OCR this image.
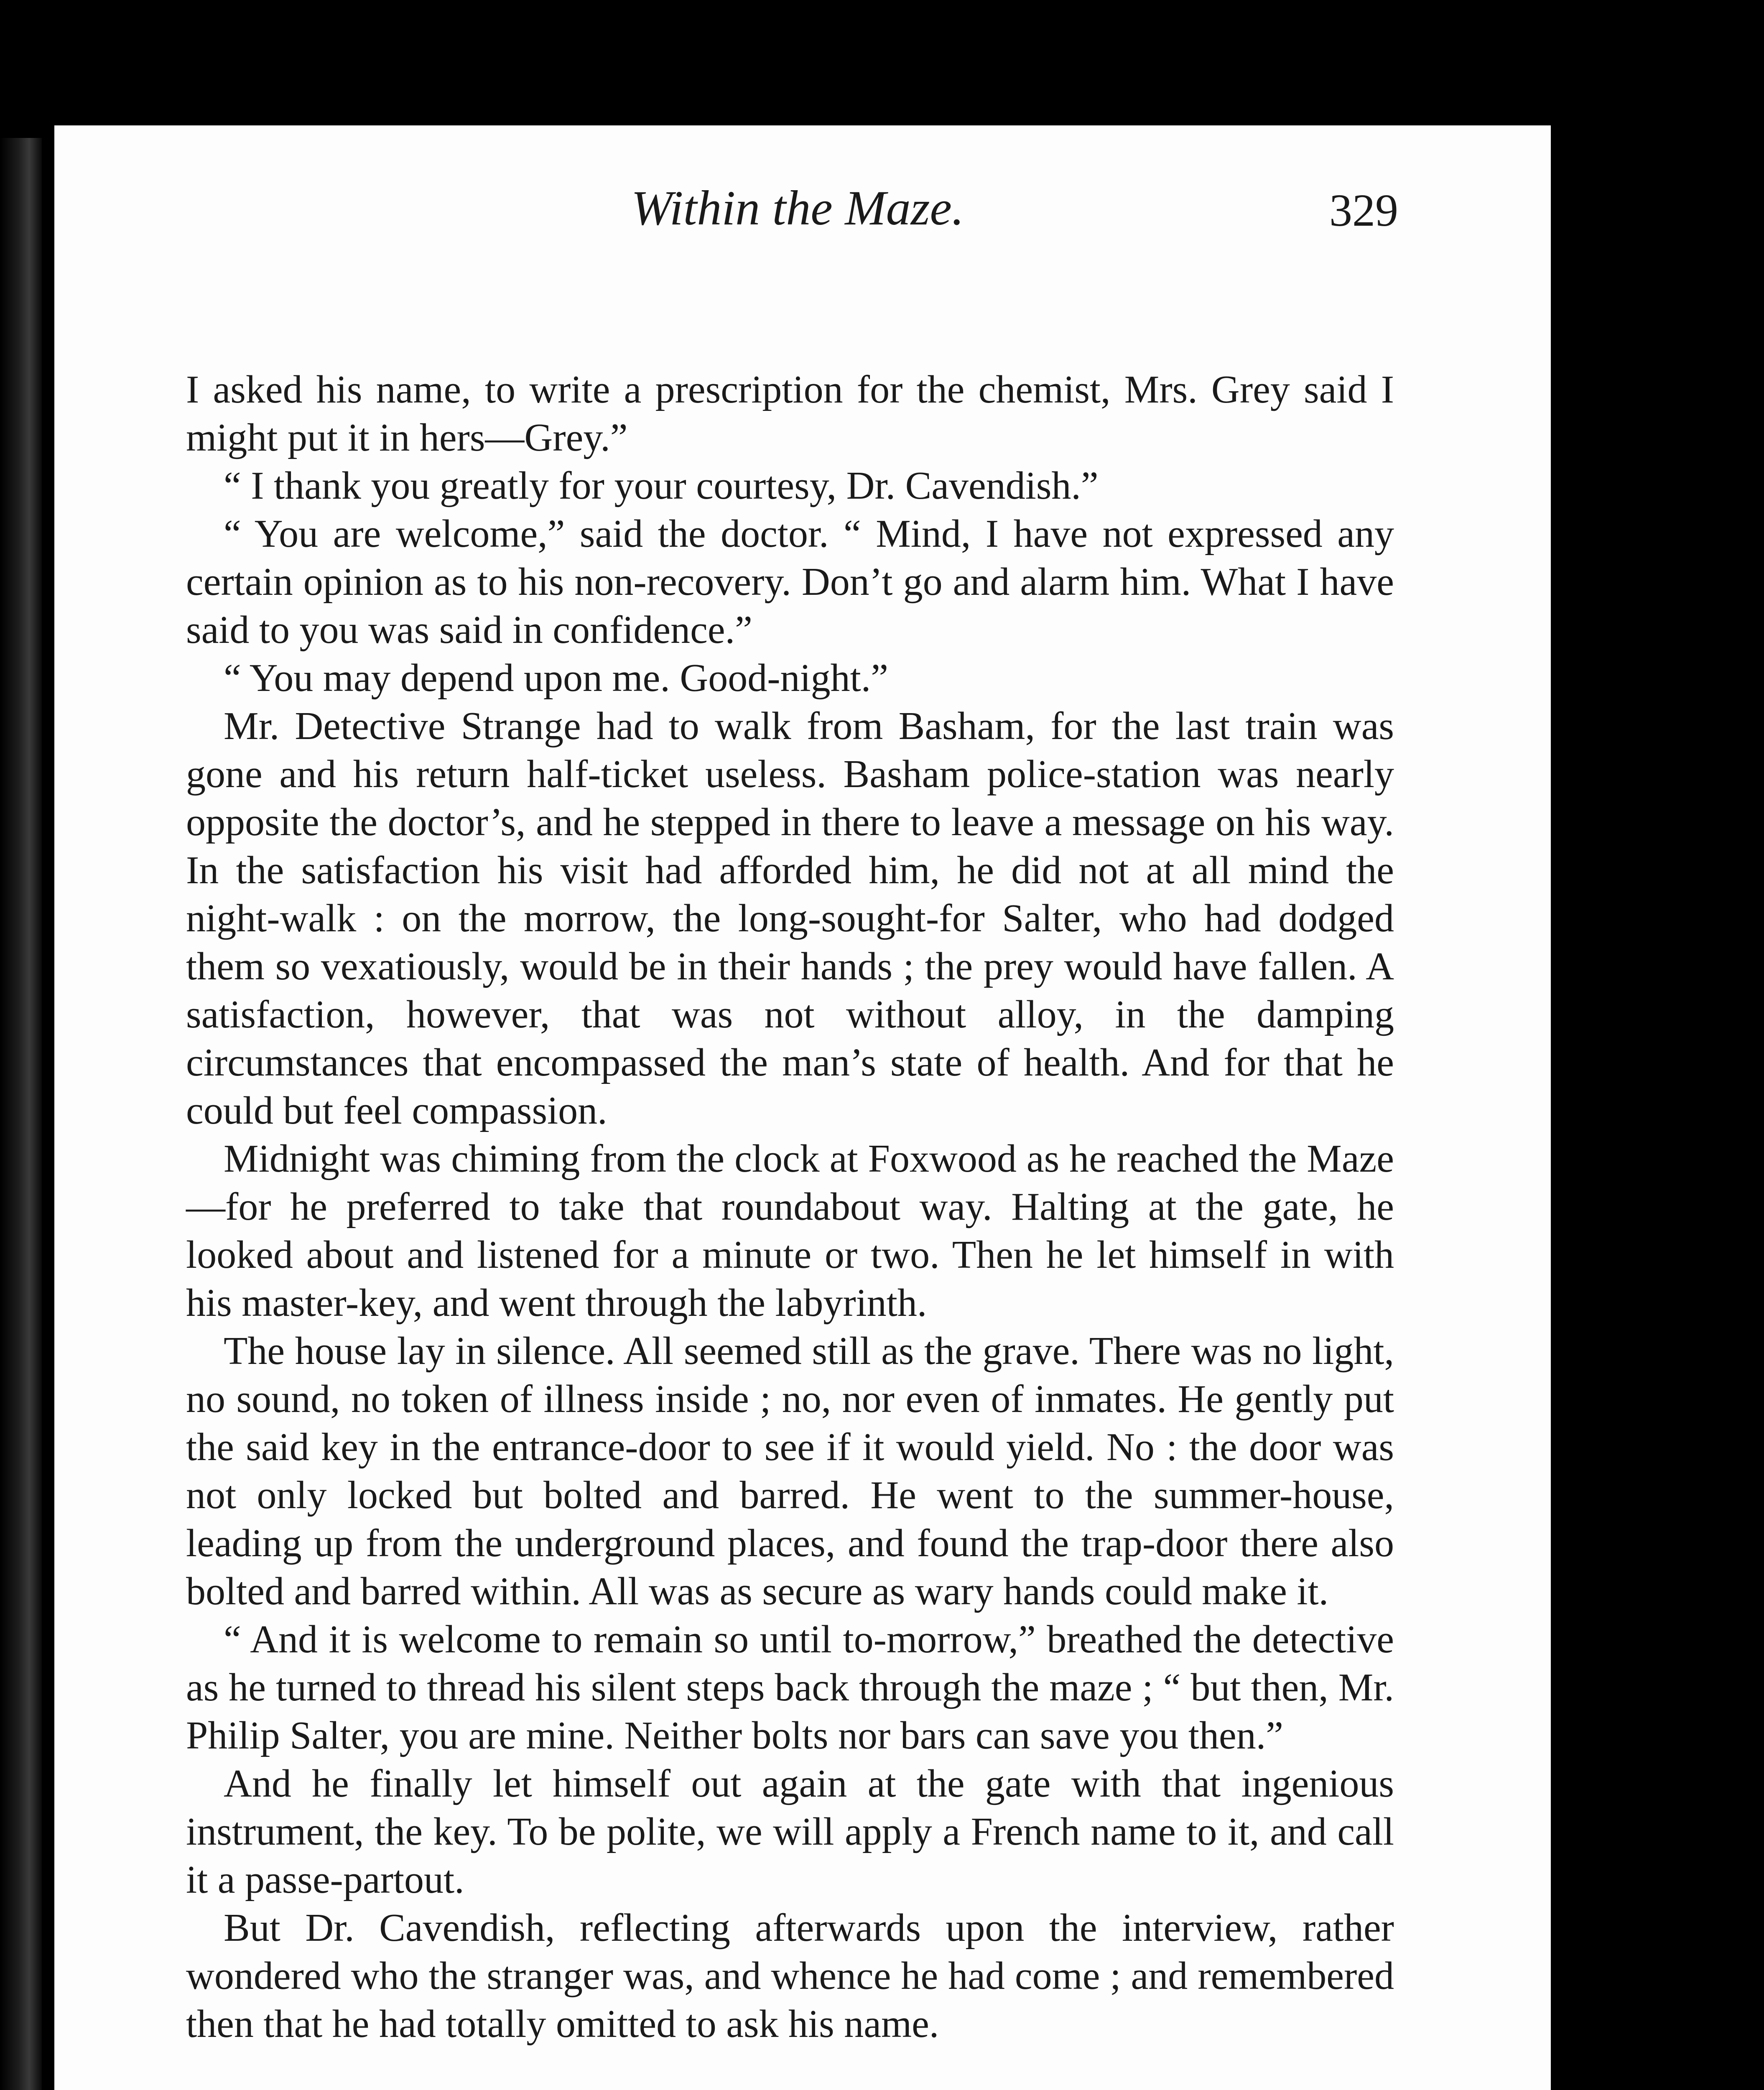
Within the Maze.	329

I asked his name, to write a prescription for the chemist, Mrs. Grey said I might put it in hers—Grey.”

“ I thank you greatly for your courtesy, Dr. Cavendish.”

“ You are welcome,” said the doctor. “ Mind, I have not expressed any certain opinion as to his non-recovery. Don’t go and alarm him. What I have said to you was said in confidence.”

“ You may depend upon me. Good-night.”

Mr. Detective Strange had to walk from Basham, for the last train was gone and his return half-ticket useless. Basham police-station was nearly opposite the doctor’s, and he stepped in there to leave a message on his way. In the satisfaction his visit had afforded him, he did not at all mind the night-walk : on the morrow, the long-sought-for Salter, who had dodged them so vexatiously, would be in their hands ; the prey would have fallen. A satisfaction, however, that was not without alloy, in the damping circumstances that encompassed the man’s state of health. And for that he could but feel compassion.

Midnight was chiming from the clock at Foxwood as he reached the Maze—for he preferred to take that roundabout way. Halting at the gate, he looked about and listened for a minute or two. Then he let himself in with his master-key, and went through the labyrinth.

The house lay in silence. All seemed still as the grave. There was no light, no sound, no token of illness inside ; no, nor even of inmates. He gently put the said key in the entrance-door to see if it would yield. No : the door was not only locked but bolted and barred. He went to the summer-house, leading up from the underground places, and found the trap-door there also bolted and barred within. All was as secure as wary hands could make it.

“ And it is welcome to remain so until to-morrow,” breathed the detective as he turned to thread his silent steps back through the maze ; “ but then, Mr. Philip Salter, you are mine. Neither bolts nor bars can save you then.”

And he finally let himself out again at the gate with that ingenious instrument, the key. To be polite, we will apply a French name to it, and call it a passe-partout.

But Dr. Cavendish, reflecting afterwards upon the interview, rather wondered who the stranger was, and whence he had come ; and remembered then that he had totally omitted to ask his name.
